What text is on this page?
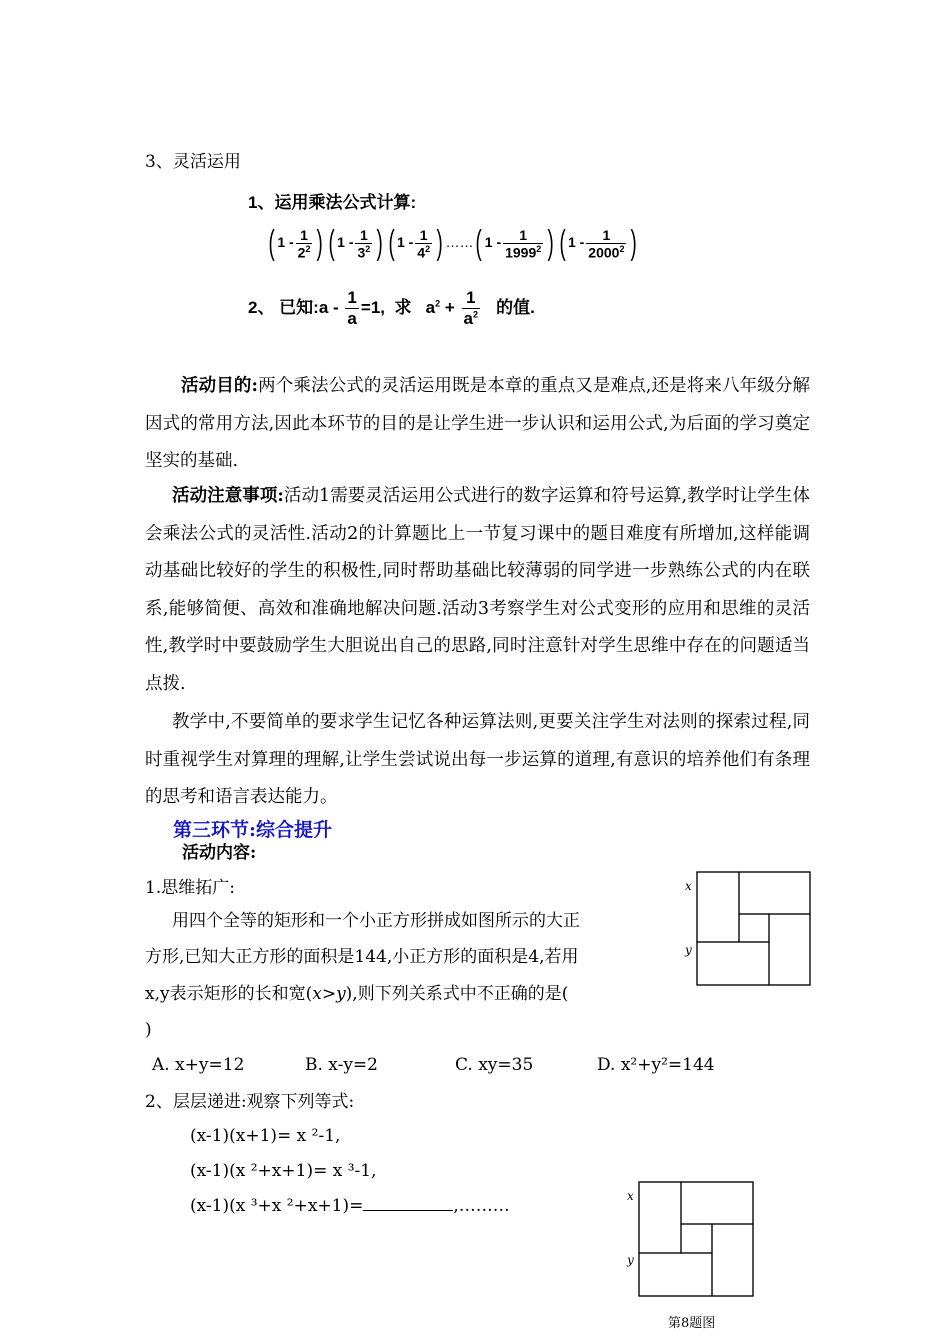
3、灵活运用
1、运用乘法公式计算:
( $1 - \frac{1}{2^2}$ ) ( $1 - \frac{1}{3^2}$ ) ( $1 - \frac{1}{4^2}$ ) ……( $1 - \frac{1}{1999^2}$ ) ( $1 - \frac{1}{2000^2}$ )
2、 已知:a - $\frac{1}{a} =1$, 求 $a^2 + \frac{1}{a^2}$ 的值.
活动目的:两个乘法公式的灵活运用既是本章的重点又是难点,还是将来八年级分解因式的常用方法,因此本环节的目的是让学生进一步认识和运用公式,为后面的学习奠定坚实的基础.
活动注意事项:活动1需要灵活运用公式进行的数字运算和符号运算,教学时让学生体会乘法公式的灵活性.活动2的计算题比上一节复习课中的题目难度有所增加,这样能调动基础比较好的学生的积极性,同时帮助基础比较薄弱的同学进一步熟练公式的内在联系,能够简便、高效和准确地解决问题.活动3考察学生对公式变形的应用和思维的灵活性,教学时中要鼓励学生大胆说出自己的思路,同时注意针对学生思维中存在的问题适当点拨.
教学中,不要简单的要求学生记忆各种运算法则,更要关注学生对法则的探索过程,同时重视学生对算理的理解,让学生尝试说出每一步运算的道理,有意识的培养他们有条理的思考和语言表达能力。
第三环节:综合提升
活动内容:
1.思维拓广:
用四个全等的矩形和一个小正方形拼成如图所示的大正
方形,已知大正方形的面积是144,小正方形的面积是4,若用
x,y表示矩形的长和宽(x>y),则下列关系式中不正确的是(
)
A. x+y=12	B. x-y=2	C. xy=35	D. x²+y²=144
2、层层递进:观察下列等式:
(x-1)(x+1)= x ²-1,
(x-1)(x ²+x+1)= x ³-1,
(x-1)(x ³+x ²+x+1)=	,………
x
y
x
y
第8题图
